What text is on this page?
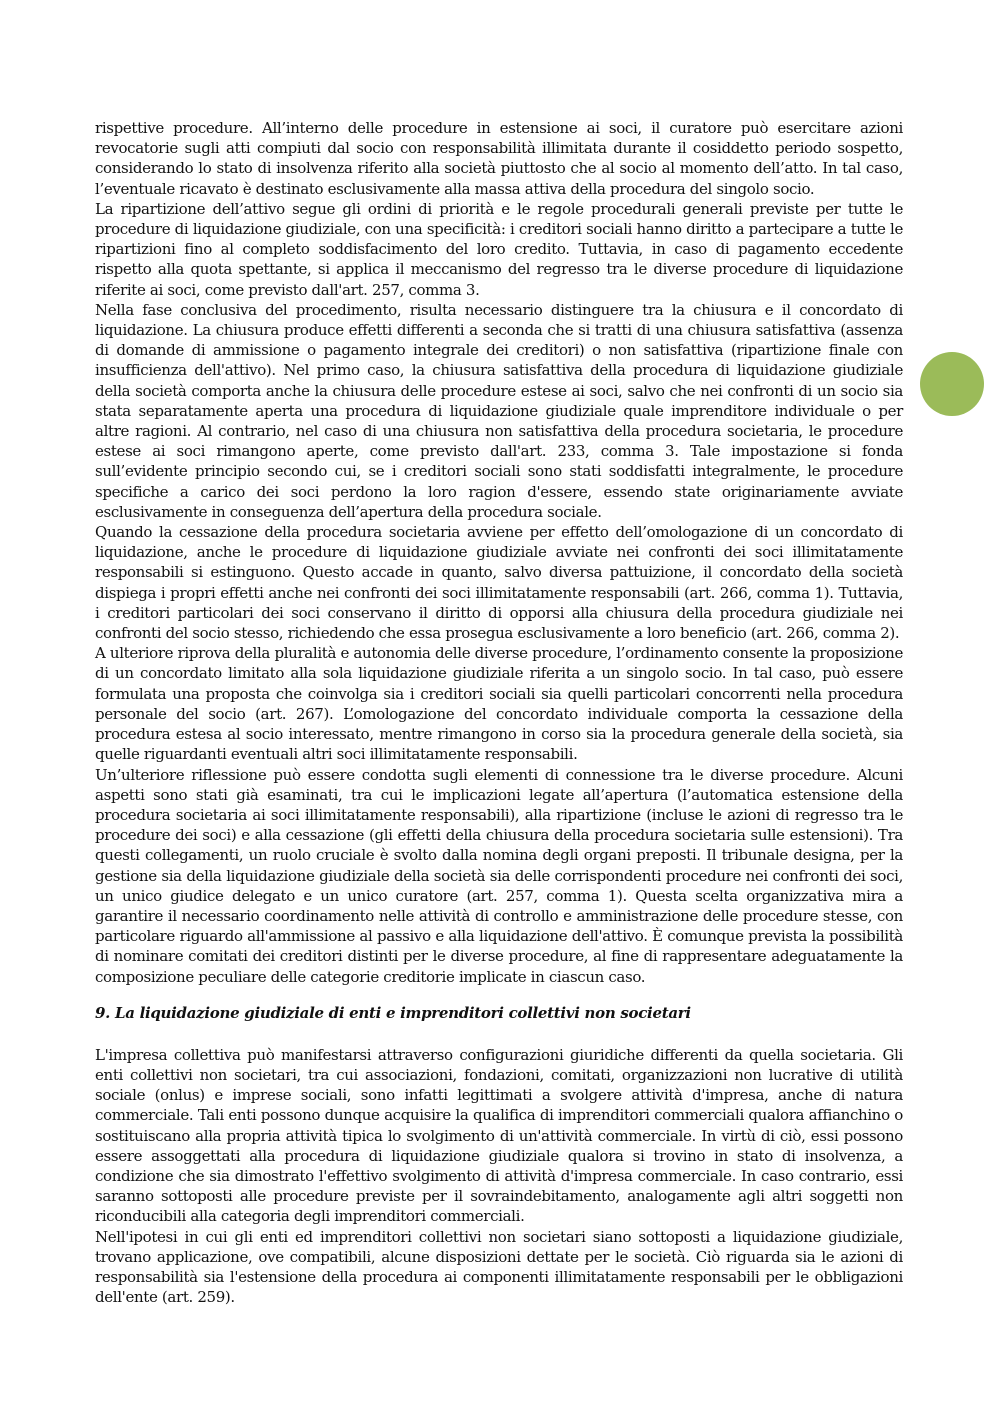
rispettive procedure. All’interno delle procedure in estensione ai soci, il curatore può esercitare azioni revocatorie sugli atti compiuti dal socio con responsabilità illimitata durante il cosiddetto periodo sospetto, considerando lo stato di insolvenza riferito alla società piuttosto che al socio al momento dell’atto. In tal caso, l’eventuale ricavato è destinato esclusivamente alla massa attiva della procedura del singolo socio.

La ripartizione dell’attivo segue gli ordini di priorità e le regole procedurali generali previste per tutte le procedure di liquidazione giudiziale, con una specificità: i creditori sociali hanno diritto a partecipare a tutte le ripartizioni fino al completo soddisfacimento del loro credito. Tuttavia, in caso di pagamento eccedente rispetto alla quota spettante, si applica il meccanismo del regresso tra le diverse procedure di liquidazione riferite ai soci, come previsto dall'art. 257, comma 3.

Nella fase conclusiva del procedimento, risulta necessario distinguere tra la chiusura e il concordato di liquidazione. La chiusura produce effetti differenti a seconda che si tratti di una chiusura satisfattiva (assenza di domande di ammissione o pagamento integrale dei creditori) o non satisfattiva (ripartizione finale con insufficienza dell'attivo). Nel primo caso, la chiusura satisfattiva della procedura di liquidazione giudiziale della società comporta anche la chiusura delle procedure estese ai soci, salvo che nei confronti di un socio sia stata separatamente aperta una procedura di liquidazione giudiziale quale imprenditore individuale o per altre ragioni. Al contrario, nel caso di una chiusura non satisfattiva della procedura societaria, le procedure estese ai soci rimangono aperte, come previsto dall'art. 233, comma 3. Tale impostazione si fonda sull’evidente principio secondo cui, se i creditori sociali sono stati soddisfatti integralmente, le procedure specifiche a carico dei soci perdono la loro ragion d'essere, essendo state originariamente avviate esclusivamente in conseguenza dell’apertura della procedura sociale.

Quando la cessazione della procedura societaria avviene per effetto dell’omologazione di un concordato di liquidazione, anche le procedure di liquidazione giudiziale avviate nei confronti dei soci illimitatamente responsabili si estinguono. Questo accade in quanto, salvo diversa pattuizione, il concordato della società dispiega i propri effetti anche nei confronti dei soci illimitatamente responsabili (art. 266, comma 1). Tuttavia, i creditori particolari dei soci conservano il diritto di opporsi alla chiusura della procedura giudiziale nei confronti del socio stesso, richiedendo che essa prosegua esclusivamente a loro beneficio (art. 266, comma 2).

A ulteriore riprova della pluralità e autonomia delle diverse procedure, l’ordinamento consente la proposizione di un concordato limitato alla sola liquidazione giudiziale riferita a un singolo socio. In tal caso, può essere formulata una proposta che coinvolga sia i creditori sociali sia quelli particolari concorrenti nella procedura personale del socio (art. 267). L’omologazione del concordato individuale comporta la cessazione della procedura estesa al socio interessato, mentre rimangono in corso sia la procedura generale della società, sia quelle riguardanti eventuali altri soci illimitatamente responsabili.

Un’ulteriore riflessione può essere condotta sugli elementi di connessione tra le diverse procedure. Alcuni aspetti sono stati già esaminati, tra cui le implicazioni legate all’apertura (l’automatica estensione della procedura societaria ai soci illimitatamente responsabili), alla ripartizione (incluse le azioni di regresso tra le procedure dei soci) e alla cessazione (gli effetti della chiusura della procedura societaria sulle estensioni). Tra questi collegamenti, un ruolo cruciale è svolto dalla nomina degli organi preposti. Il tribunale designa, per la gestione sia della liquidazione giudiziale della società sia delle corrispondenti procedure nei confronti dei soci, un unico giudice delegato e un unico curatore (art. 257, comma 1). Questa scelta organizzativa mira a garantire il necessario coordinamento nelle attività di controllo e amministrazione delle procedure stesse, con particolare riguardo all'ammissione al passivo e alla liquidazione dell'attivo. È comunque prevista la possibilità di nominare comitati dei creditori distinti per le diverse procedure, al fine di rappresentare adeguatamente la composizione peculiare delle categorie creditorie implicate in ciascun caso.

9. La liquidazione giudiziale di enti e imprenditori collettivi non societari

L'impresa collettiva può manifestarsi attraverso configurazioni giuridiche differenti da quella societaria. Gli enti collettivi non societari, tra cui associazioni, fondazioni, comitati, organizzazioni non lucrative di utilità sociale (onlus) e imprese sociali, sono infatti legittimati a svolgere attività d'impresa, anche di natura commerciale. Tali enti possono dunque acquisire la qualifica di imprenditori commerciali qualora affianchino o sostituiscano alla propria attività tipica lo svolgimento di un'attività commerciale. In virtù di ciò, essi possono essere assoggettati alla procedura di liquidazione giudiziale qualora si trovino in stato di insolvenza, a condizione che sia dimostrato l'effettivo svolgimento di attività d'impresa commerciale. In caso contrario, essi saranno sottoposti alle procedure previste per il sovraindebitamento, analogamente agli altri soggetti non riconducibili alla categoria degli imprenditori commerciali.

Nell'ipotesi in cui gli enti ed imprenditori collettivi non societari siano sottoposti a liquidazione giudiziale, trovano applicazione, ove compatibili, alcune disposizioni dettate per le società. Ciò riguarda sia le azioni di responsabilità sia l'estensione della procedura ai componenti illimitatamente responsabili per le obbligazioni dell'ente (art. 259).
